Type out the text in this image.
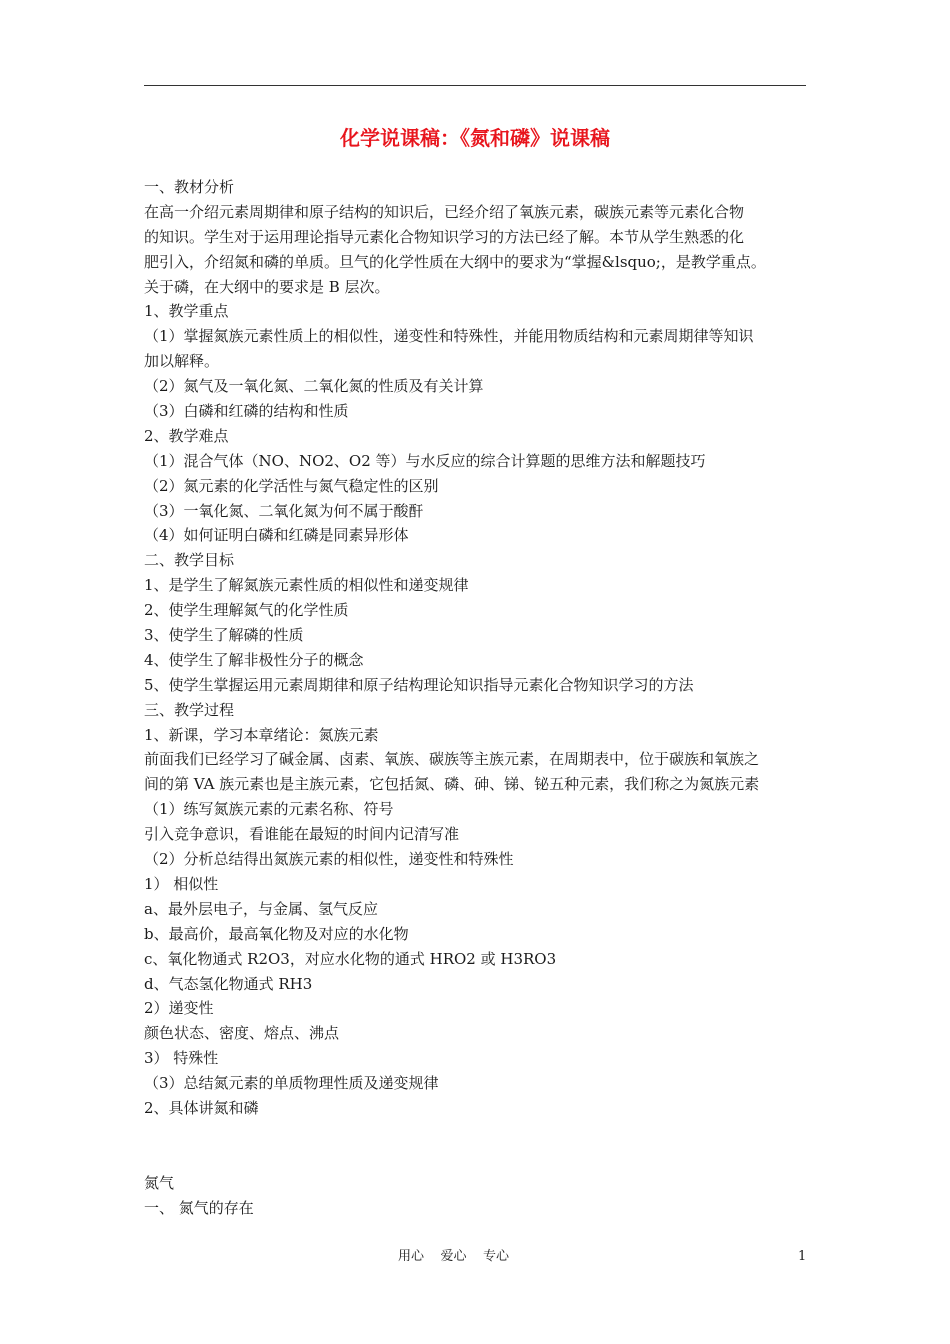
化学说课稿：《氮和磷》说课稿
一、教材分析
在高一介绍元素周期律和原子结构的知识后，已经介绍了氧族元素，碳族元素等元素化合物
的知识。学生对于运用理论指导元素化合物知识学习的方法已经了解。本节从学生熟悉的化
肥引入，介绍氮和磷的单质。旦气的化学性质在大纲中的要求为“掌握&lsquo;，是教学重点。
关于磷，在大纲中的要求是 B 层次。
1、教学重点
（1）掌握氮族元素性质上的相似性，递变性和特殊性，并能用物质结构和元素周期律等知识
加以解释。
（2）氮气及一氧化氮、二氧化氮的性质及有关计算
（3）白磷和红磷的结构和性质
2、教学难点
（1）混合气体（NO、NO2、O2 等）与水反应的综合计算题的思维方法和解题技巧
（2）氮元素的化学活性与氮气稳定性的区别
（3）一氧化氮、二氧化氮为何不属于酸酐
（4）如何证明白磷和红磷是同素异形体
二、教学目标
1、是学生了解氮族元素性质的相似性和递变规律
2、使学生理解氮气的化学性质
3、使学生了解磷的性质
4、使学生了解非极性分子的概念
5、使学生掌握运用元素周期律和原子结构理论知识指导元素化合物知识学习的方法
三、教学过程
1、新课，学习本章绪论：氮族元素
前面我们已经学习了碱金属、卤素、氧族、碳族等主族元素，在周期表中，位于碳族和氧族之
间的第 VA 族元素也是主族元素，它包括氮、磷、砷、锑、铋五种元素，我们称之为氮族元素
（1）练写氮族元素的元素名称、符号
引入竞争意识，看谁能在最短的时间内记清写准
（2）分析总结得出氮族元素的相似性，递变性和特殊性
1） 相似性
a、最外层电子，与金属、氢气反应
b、最高价，最高氧化物及对应的水化物
c、氧化物通式 R2O3，对应水化物的通式 HRO2 或 H3RO3
d、气态氢化物通式 RH3
2）递变性
颜色状态、密度、熔点、沸点
3） 特殊性
（3）总结氮元素的单质物理性质及递变规律
2、具体讲氮和磷
氮气
一、 氮气的存在
用心    爱心    专心	1
